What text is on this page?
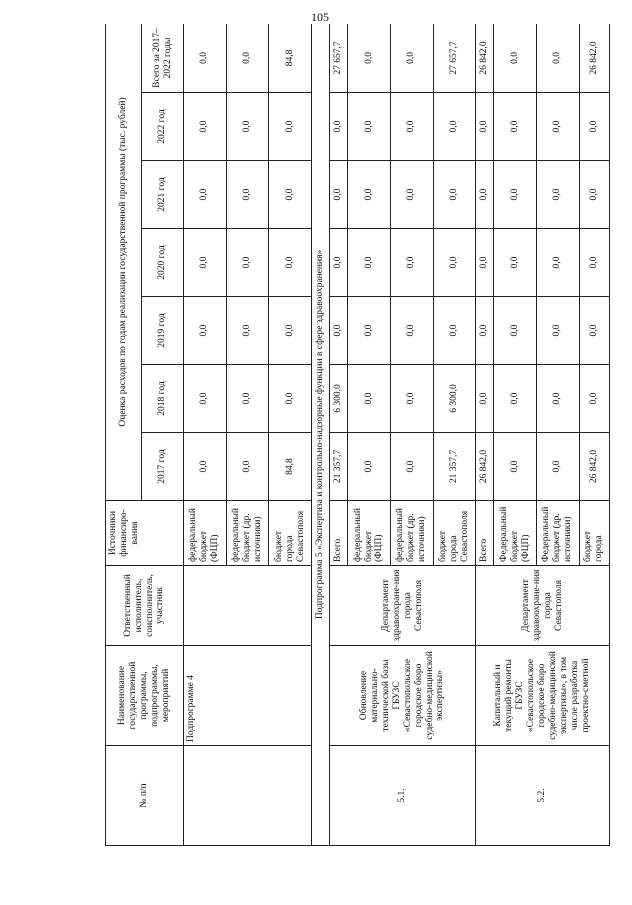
105
№ п/п	Наименование государственной программы, подпрограммы, мероприятий	Ответственный исполнитель, соисполнитель, участник	Источники финансиро-вания	Оценка расходов по годам реализации государственной программы (тыс. рублей)						
				2017 год	2018 год	2019 год	2020 год	2021 год	2022 год	Всего за 2017–2022 годы
	Подпрограмме 4		федеральный бюджет (ФЦП)	0,0	0,0	0,0	0,0	0,0	0,0	0,0
			федеральный бюджет (др. источники)	0,0	0,0	0,0	0,0	0,0	0,0	0,0
			бюджет города Севастополя	84,8	0,0	0,0	0,0	0,0	0,0	84,8
Подпрограмма 5 «Экспертиза и контрольно-надзорные функции в сфере здравоохранения»										
5.1.	Обновление материально-технической базы ГБУЗС «Севастопольское городское бюро судебно-медицинской экспертизы»	Департамент здравоохране-ния города Севастополя	Всего	21 357,7	6 300,0	0,0	0,0	0,0	0,0	27 657,7
			федеральный бюджет (ФЦП)	0,0	0,0	0,0	0,0	0,0	0,0	0,0
			федеральный бюджет (др. источники)	0,0	0,0	0,0	0,0	0,0	0,0	0,0
			бюджет города Севастополя	21 357,7	6 300,0	0,0	0,0	0,0	0,0	27 657,7
5.2.	Капитальный и текущий ремонты ГБУЗС «Севастопольское городское бюро судебно-медицинской экспертизы», в том числе разработка проектно-сметной	Департамент здравоохране-ния города Севастополя	Всего	26 842,0	0,0	0,0	0,0	0,0	0,0	26 842,0
			Федеральный бюджет (ФЦП)	0,0	0,0	0,0	0,0	0,0	0,0	0,0
			Федеральный бюджет (др. источники)	0,0	0,0	0,0	0,0	0,0	0,0	0,0
			бюджет города	26 842,0	0,0	0,0	0,0	0,0	0,0	26 842,0
